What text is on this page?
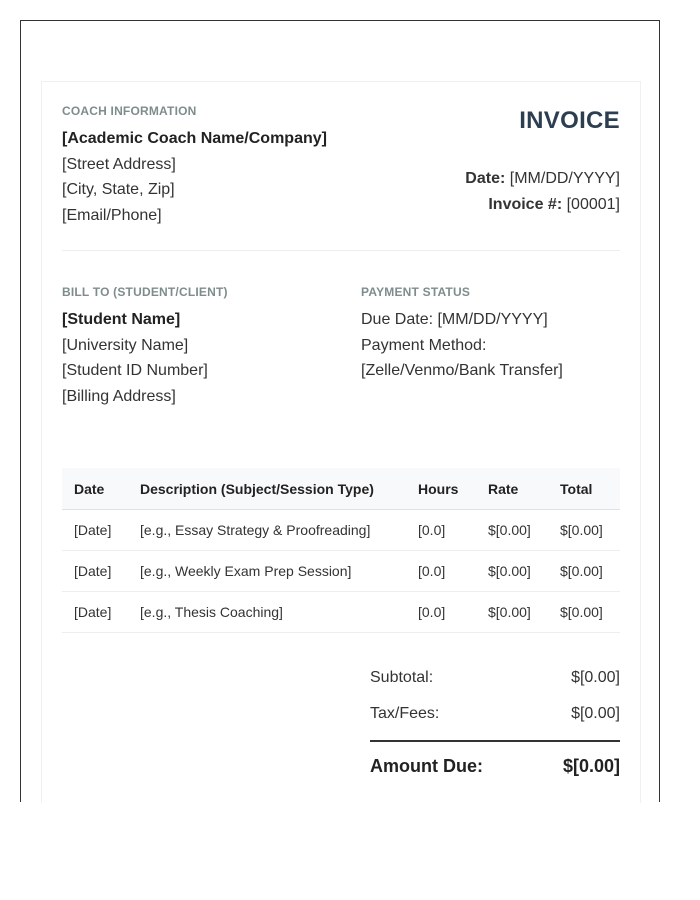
COACH INFORMATION
[Academic Coach Name/Company]
[Street Address]
[City, State, Zip]
[Email/Phone]
INVOICE
Date: [MM/DD/YYYY]
Invoice #: [00001]
BILL TO (STUDENT/CLIENT)
[Student Name]
[University Name]
[Student ID Number]
[Billing Address]
PAYMENT STATUS
Due Date: [MM/DD/YYYY]
Payment Method:
[Zelle/Venmo/Bank Transfer]
Date	Description (Subject/Session Type)	Hours	Rate	Total
[Date]	[e.g., Essay Strategy & Proofreading]	[0.0]	$[0.00]	$[0.00]
[Date]	[e.g., Weekly Exam Prep Session]	[0.0]	$[0.00]	$[0.00]
[Date]	[e.g., Thesis Coaching]	[0.0]	$[0.00]	$[0.00]
Subtotal:	$[0.00]
Tax/Fees:	$[0.00]
Amount Due:	$[0.00]
